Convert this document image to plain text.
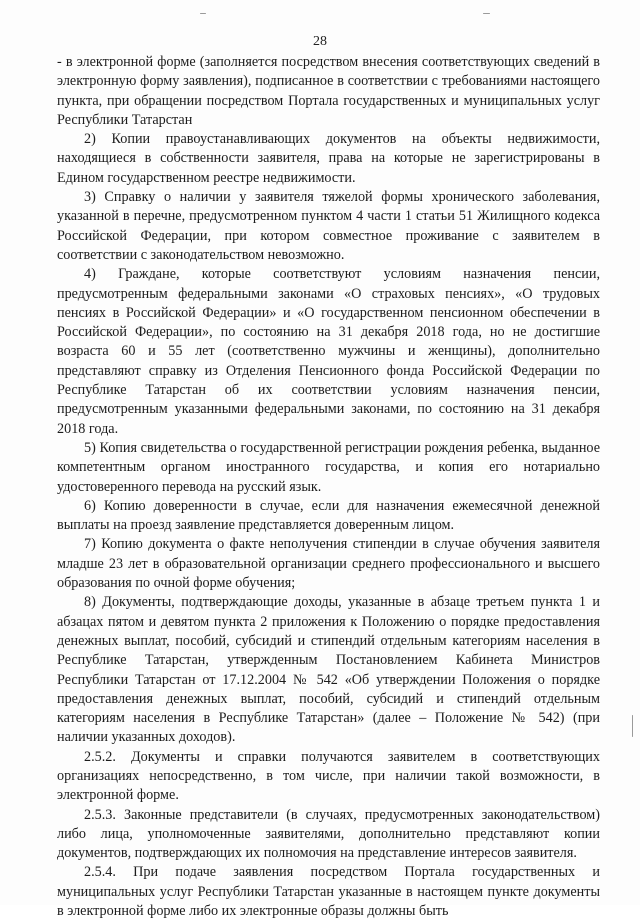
28

- в электронной форме (заполняется посредством внесения соответствующих сведений в электронную форму заявления), подписанное в соответствии с требованиями настоящего пункта, при обращении посредством Портала государственных и муниципальных услуг Республики Татарстан

2) Копии правоустанавливающих документов на объекты недвижимости, находящиеся в собственности заявителя, права на которые не зарегистрированы в Едином государственном реестре недвижимости.

3) Справку о наличии у заявителя тяжелой формы хронического заболевания, указанной в перечне, предусмотренном пунктом 4 части 1 статьи 51 Жилищного кодекса Российской Федерации, при котором совместное проживание с заявителем в соответствии с законодательством невозможно.

4) Граждане, которые соответствуют условиям назначения пенсии, предусмотренным федеральными законами «О страховых пенсиях», «О трудовых пенсиях в Российской Федерации» и «О государственном пенсионном обеспечении в Российской Федерации», по состоянию на 31 декабря 2018 года, но не достигшие возраста 60 и 55 лет (соответственно мужчины и женщины), дополнительно представляют справку из Отделения Пенсионного фонда Российской Федерации по Республике Татарстан об их соответствии условиям назначения пенсии, предусмотренным указанными федеральными законами, по состоянию на 31 декабря 2018 года.

5) Копия свидетельства о государственной регистрации рождения ребенка, выданное компетентным органом иностранного государства, и копия его нотариально удостоверенного перевода на русский язык.

6) Копию доверенности в случае, если для назначения ежемесячной денежной выплаты на проезд заявление представляется доверенным лицом.

7) Копию документа о факте неполучения стипендии в случае обучения заявителя младше 23 лет в образовательной организации среднего профессионального и высшего образования по очной форме обучения;

8) Документы, подтверждающие доходы, указанные в абзаце третьем пункта 1 и абзацах пятом и девятом пункта 2 приложения к Положению о порядке предоставления денежных выплат, пособий, субсидий и стипендий отдельным категориям населения в Республике Татарстан, утвержденным Постановлением Кабинета Министров Республики Татарстан от 17.12.2004 № 542 «Об утверждении Положения о порядке предоставления денежных выплат, пособий, субсидий и стипендий отдельным категориям населения в Республике Татарстан» (далее – Положение № 542) (при наличии указанных доходов).

2.5.2. Документы и справки получаются заявителем в соответствующих организациях непосредственно, в том числе, при наличии такой возможности, в электронной форме.

2.5.3. Законные представители (в случаях, предусмотренных законодательством) либо лица, уполномоченные заявителями, дополнительно представляют копии документов, подтверждающих их полномочия на представление интересов заявителя.

2.5.4. При подаче заявления посредством Портала государственных и муниципальных услуг Республики Татарстан указанные в настоящем пункте документы в электронной форме либо их электронные образы должны быть
